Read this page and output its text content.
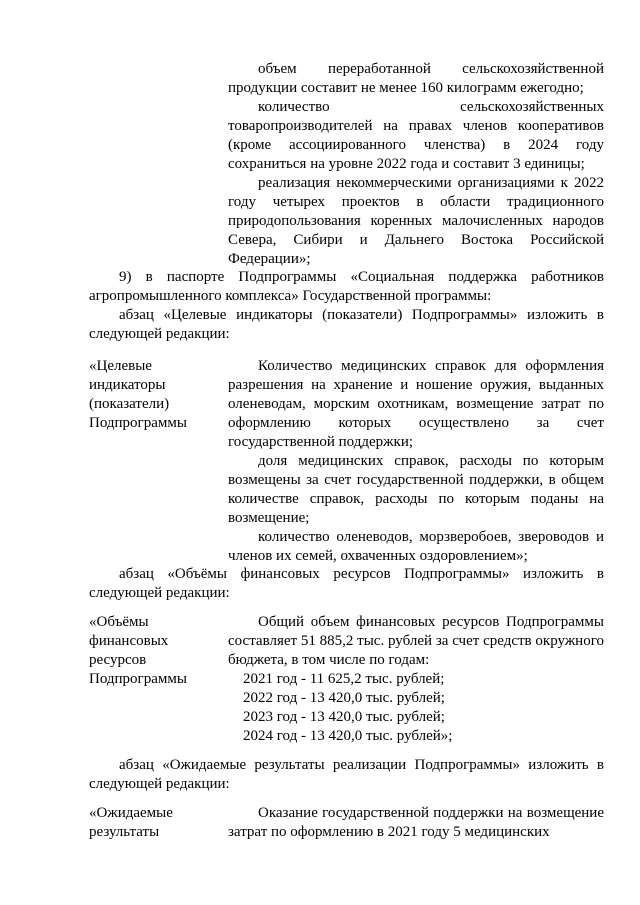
объем переработанной сельскохозяйственной продукции составит не менее 160 килограмм ежегодно;

количество сельскохозяйственных товаропроизводителей на правах членов кооперативов (кроме ассоциированного членства) в 2024 году сохраниться на уровне 2022 года и составит 3 единицы;

реализация некоммерческими организациями к 2022 году четырех проектов в области традиционного природопользования коренных малочисленных народов Севера, Сибири и Дальнего Востока Российской Федерации»;

9) в паспорте Подпрограммы «Социальная поддержка работников агропромышленного комплекса» Государственной программы:

абзац «Целевые индикаторы (показатели) Подпрограммы» изложить в следующей редакции:

«Целевые индикаторы (показатели) Подпрограммы

Количество медицинских справок для оформления разрешения на хранение и ношение оружия, выданных оленеводам, морским охотникам, возмещение затрат по оформлению которых осуществлено за счет государственной поддержки;

доля медицинских справок, расходы по которым возмещены за счет государственной поддержки, в общем количестве справок, расходы по которым поданы на возмещение;

количество оленеводов, морзверобоев, звероводов и членов их семей, охваченных оздоровлением»;

абзац «Объёмы финансовых ресурсов Подпрограммы» изложить в следующей редакции:

«Объёмы финансовых ресурсов Подпрограммы

Общий объем финансовых ресурсов Подпрограммы составляет 51 885,2 тыс. рублей за счет средств окружного бюджета, в том числе по годам:

2021 год - 11 625,2 тыс. рублей;

2022 год - 13 420,0 тыс. рублей;

2023 год - 13 420,0 тыс. рублей;

2024 год - 13 420,0 тыс. рублей»;

абзац «Ожидаемые результаты реализации Подпрограммы» изложить в следующей редакции:

«Ожидаемые результаты

Оказание государственной поддержки на возмещение затрат по оформлению в 2021 году 5 медицинских
